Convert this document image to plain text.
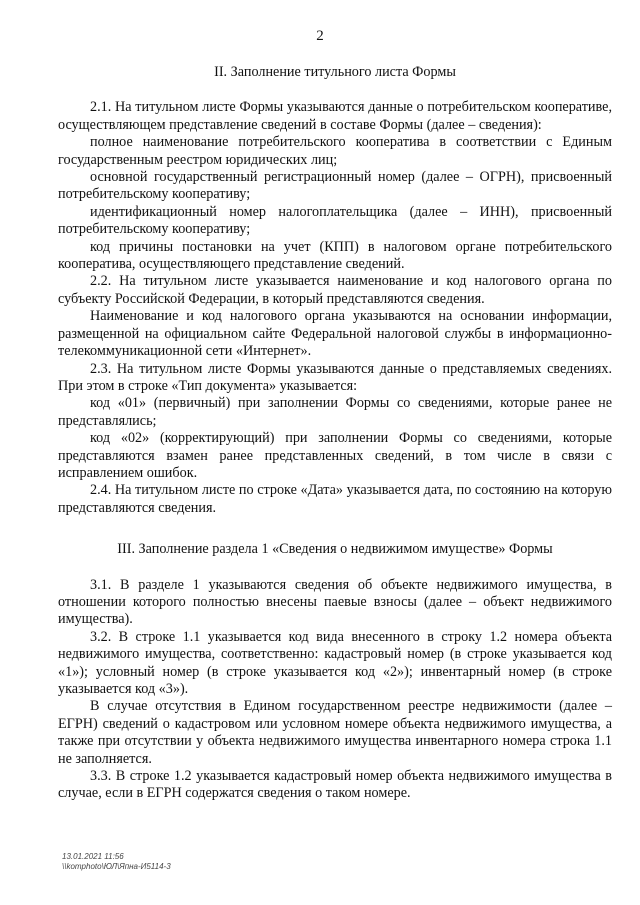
2

II. Заполнение титульного листа Формы

2.1. На титульном листе Формы указываются данные о потребительском кооперативе, осуществляющем представление сведений в составе Формы (далее – сведения):

полное наименование потребительского кооператива в соответствии с Единым государственным реестром юридических лиц;

основной государственный регистрационный номер (далее – ОГРН), присвоенный потребительскому кооперативу;

идентификационный номер налогоплательщика (далее – ИНН), присвоенный потребительскому кооперативу;

код причины постановки на учет (КПП) в налоговом органе потребительского кооператива, осуществляющего представление сведений.

2.2. На титульном листе указывается наименование и код налогового органа по субъекту Российской Федерации, в который представляются сведения.

Наименование и код налогового органа указываются на основании информации, размещенной на официальном сайте Федеральной налоговой службы в информационно-телекоммуникационной сети «Интернет».

2.3. На титульном листе Формы указываются данные о представляемых сведениях. При этом в строке «Тип документа» указывается:

код «01» (первичный) при заполнении Формы со сведениями, которые ранее не представлялись;

код «02» (корректирующий) при заполнении Формы со сведениями, которые представляются взамен ранее представленных сведений, в том числе в связи с исправлением ошибок.

2.4. На титульном листе по строке «Дата» указывается дата, по состоянию на которую представляются сведения.

III. Заполнение раздела 1 «Сведения о недвижимом имуществе» Формы

3.1. В разделе 1 указываются сведения об объекте недвижимого имущества, в отношении которого полностью внесены паевые взносы (далее – объект недвижимого имущества).

3.2. В строке 1.1 указывается код вида внесенного в строку 1.2 номера объекта недвижимого имущества, соответственно: кадастровый номер (в строке указывается код «1»); условный номер (в строке указывается код «2»); инвентарный номер (в строке указывается код «3»).

В случае отсутствия в Едином государственном реестре недвижимости (далее – ЕГРН) сведений о кадастровом или условном номере объекта недвижимого имущества, а также при отсутствии у объекта недвижимого имущества инвентарного номера строка 1.1 не заполняется.

3.3. В строке 1.2 указывается кадастровый номер объекта недвижимого имущества в случае, если в ЕГРН содержатся сведения о таком номере.

13.01.2021 11:56
\\komphoto\ЮЛ\Япна-И5114-3
